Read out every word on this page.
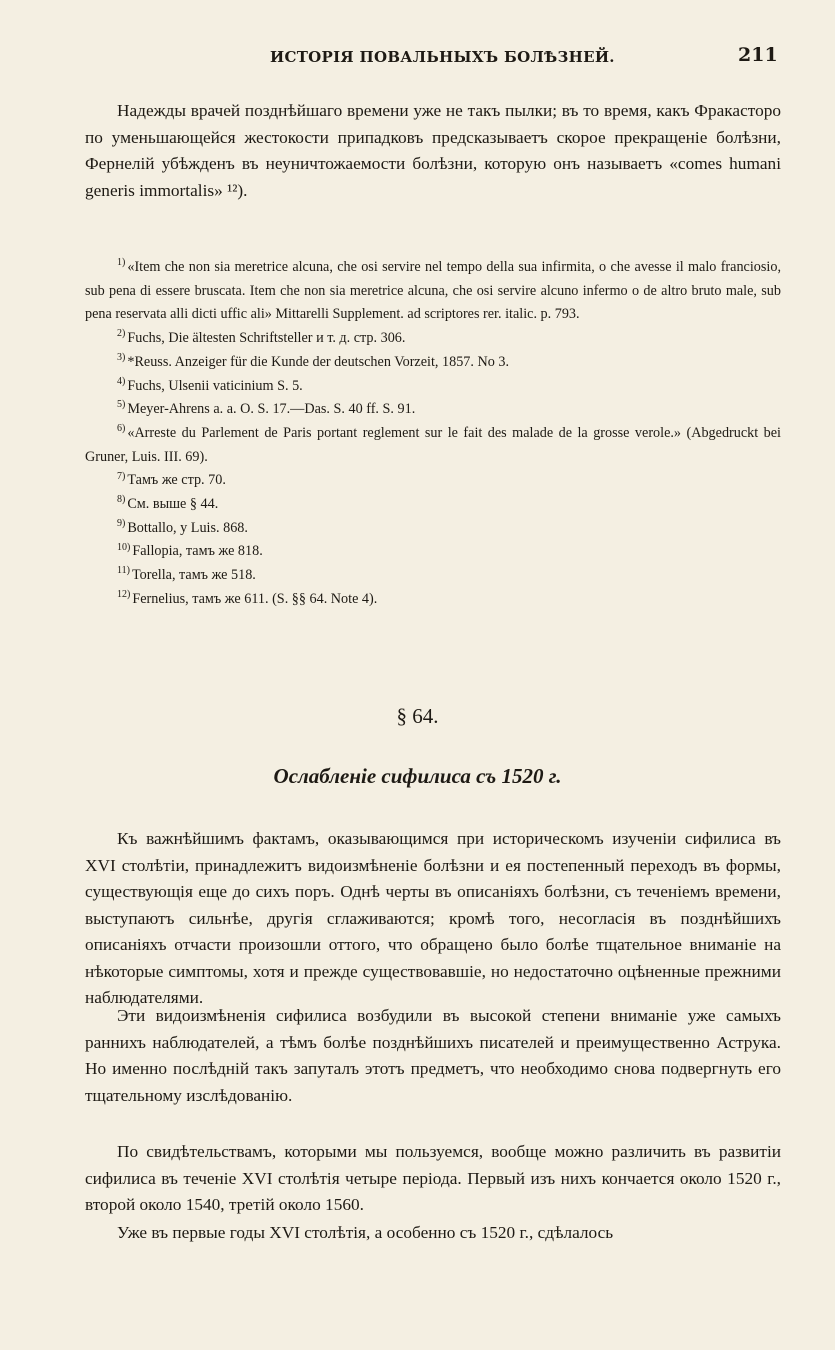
ИСТОРІЯ ПОВАЛЬНЫХЪ БОЛѢЗНЕЙ.	211

Надежды врачей позднѣйшаго времени уже не такъ пылки; въ то время, какъ Фракасторо по уменьшающейся жестокости припадковъ предсказываетъ скорое прекращеніе болѣзни, Фернелій убѣжденъ въ неуничтожаемости болѣзни, которую онъ называетъ «comes humani generis immortalis» ¹²).

$^{1)}$ «Item che non sia meretrice alcuna, che osi servire nel tempo della sua infirmita, o che avesse il malo franciosio, sub pena di essere bruscata. Item che non sia meretrice alcuna, che osi servire alcuno infermo o de altro bruto male, sub pena reservata alli dicti uffic ali» Mittarelli Supplement. ad scriptores rer. italic. p. 793.

$^{2)}$ Fuchs, Die ältesten Schriftsteller и т. д. стр. 306.

$^{3)}$ *Reuss. Anzeiger für die Kunde der deutschen Vorzeit, 1857. No 3.

$^{4)}$ Fuchs, Ulsenii vaticinium S. 5.

$^{5)}$ Meyer-Ahrens a. a. O. S. 17.—Das. S. 40 ff. S. 91.

$^{6)}$ «Arreste du Parlement de Paris portant reglement sur le fait des malade de la grosse verole.» (Abgedruckt bei Gruner, Luis. III. 69).

$^{7)}$ Тамъ же стр. 70.

$^{8)}$ См. выше § 44.

$^{9)}$ Bottallo, у Luis. 868.

$^{10)}$ Fallopia, тамъ же 818.

$^{11)}$ Torella, тамъ же 518.

$^{12)}$ Fernelius, тамъ же 611. (S. §§ 64. Note 4).

§ 64.
Ослабленіе сифилиса съ 1520 г.

Къ важнѣйшимъ фактамъ, оказывающимся при историческомъ изученіи сифилиса въ XVI столѣтіи, принадлежитъ видоизмѣненіе болѣзни и ея постепенный переходъ въ формы, существующія еще до сихъ поръ. Однѣ черты въ описаніяхъ болѣзни, съ теченіемъ времени, выступаютъ сильнѣе, другія сглаживаются; кромѣ того, несогласія въ позднѣйшихъ описаніяхъ отчасти произошли оттого, что обращено было болѣе тщательное вниманіе на нѣкоторые симптомы, хотя и прежде существовавшіе, но недостаточно оцѣненные прежними наблюдателями.

Эти видоизмѣненія сифилиса возбудили въ высокой степени вниманіе уже самыхъ раннихъ наблюдателей, а тѣмъ болѣе позднѣйшихъ писателей и преимущественно Аструка. Но именно послѣдній такъ запуталъ этотъ предметъ, что необходимо снова подвергнуть его тщательному изслѣдованію.

По свидѣтельствамъ, которыми мы пользуемся, вообще можно различить въ развитіи сифилиса въ теченіе XVI столѣтія четыре періода. Первый изъ нихъ кончается около 1520 г., второй около 1540, третій около 1560.

Уже въ первые годы XVI столѣтія, а особенно съ 1520 г., сдѣлалось
